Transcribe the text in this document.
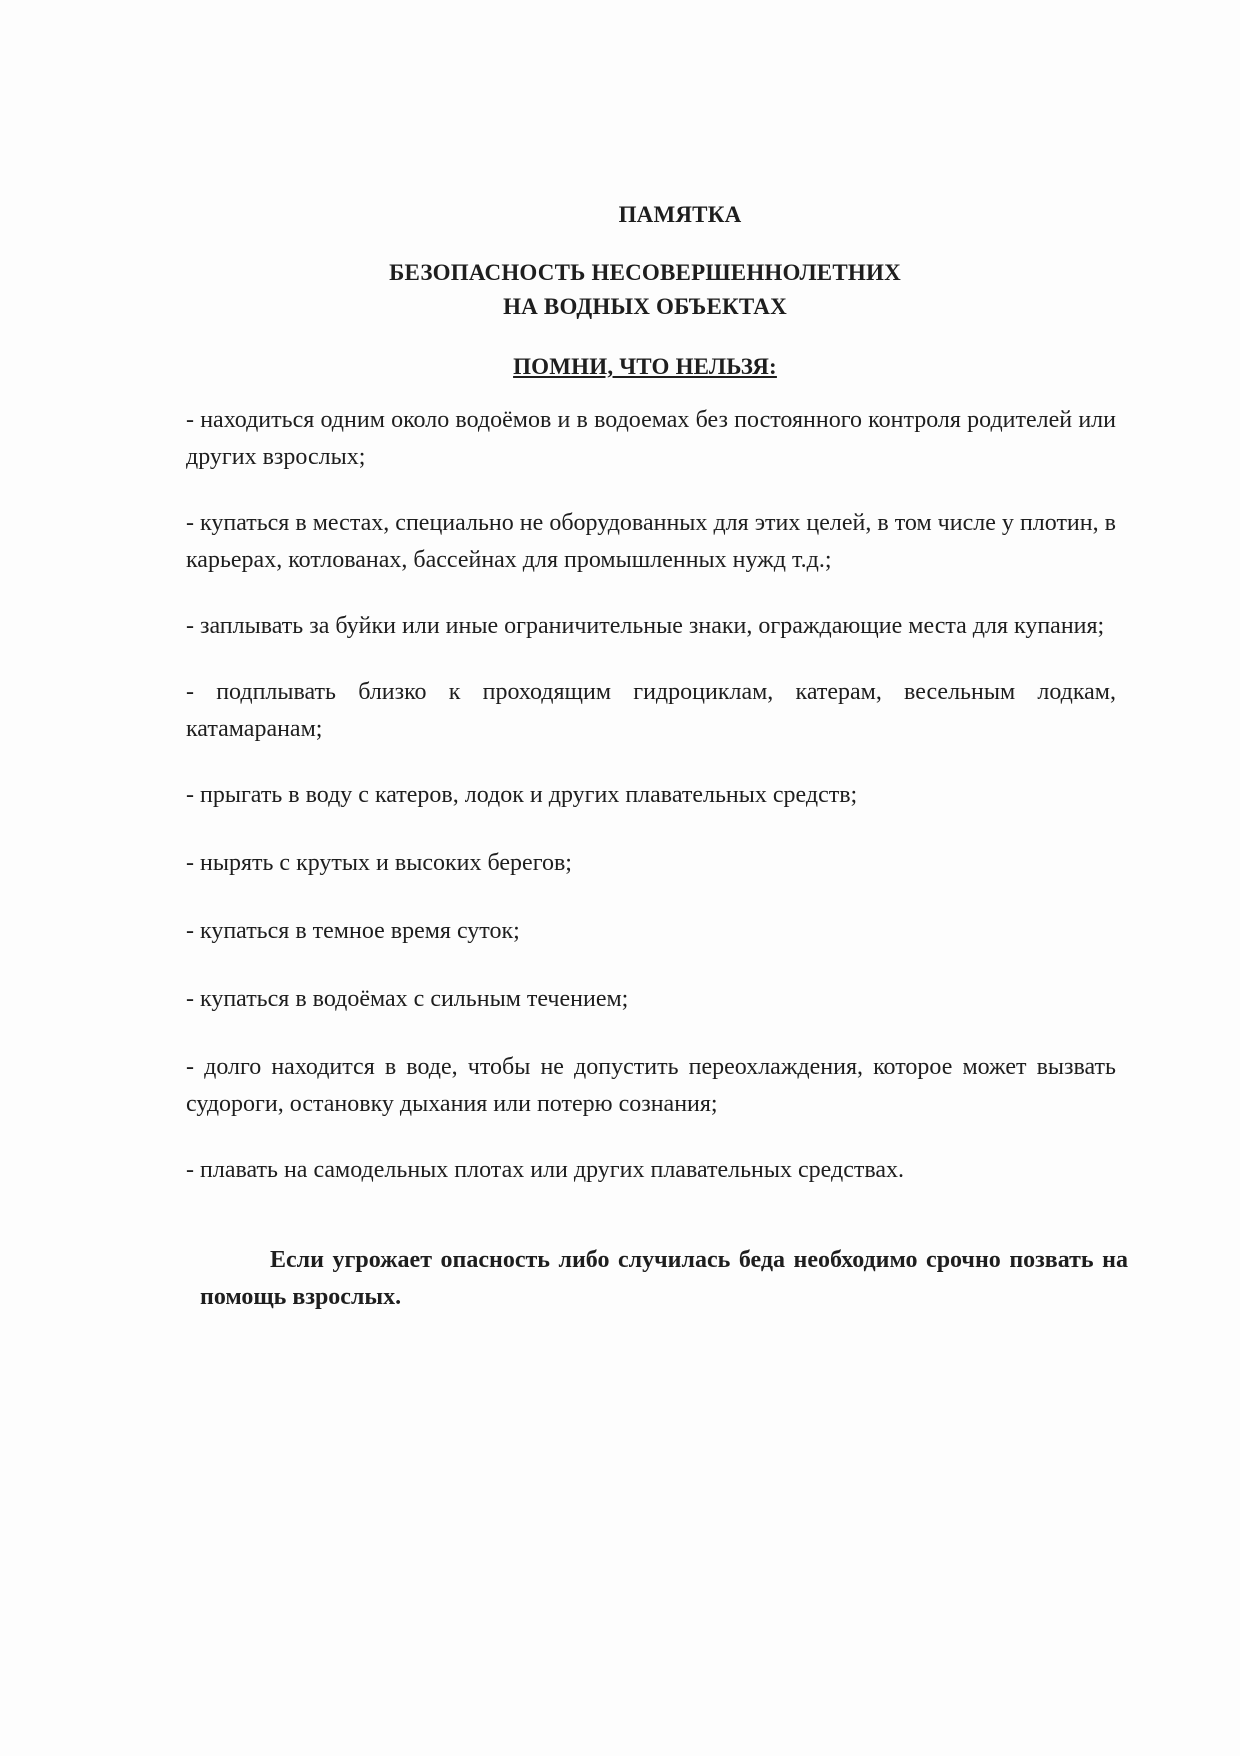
ПАМЯТКА
БЕЗОПАСНОСТЬ НЕСОВЕРШЕННОЛЕТНИХ
НА ВОДНЫХ ОБЪЕКТАХ
ПОМНИ, ЧТО НЕЛЬЗЯ:

- находиться одним около водоёмов и в водоемах без постоянного контроля родителей или других взрослых;

- купаться в местах, специально не оборудованных для этих целей, в том числе у плотин, в карьерах, котлованах, бассейнах для промышленных нужд т.д.;

- заплывать за буйки или иные ограничительные знаки, ограждающие места для купания;

- подплывать близко к проходящим гидроциклам, катерам, весельным лодкам, катамаранам;

- прыгать в воду с катеров, лодок и других плавательных средств;

- нырять с крутых и высоких берегов;

- купаться в темное время суток;

- купаться в водоёмах с сильным течением;

- долго находится в воде, чтобы не допустить переохлаждения, которое может вызвать судороги, остановку дыхания или потерю сознания;

- плавать на самодельных плотах или других плавательных средствах.

Если угрожает опасность либо случилась беда необходимо срочно позвать на помощь взрослых.
